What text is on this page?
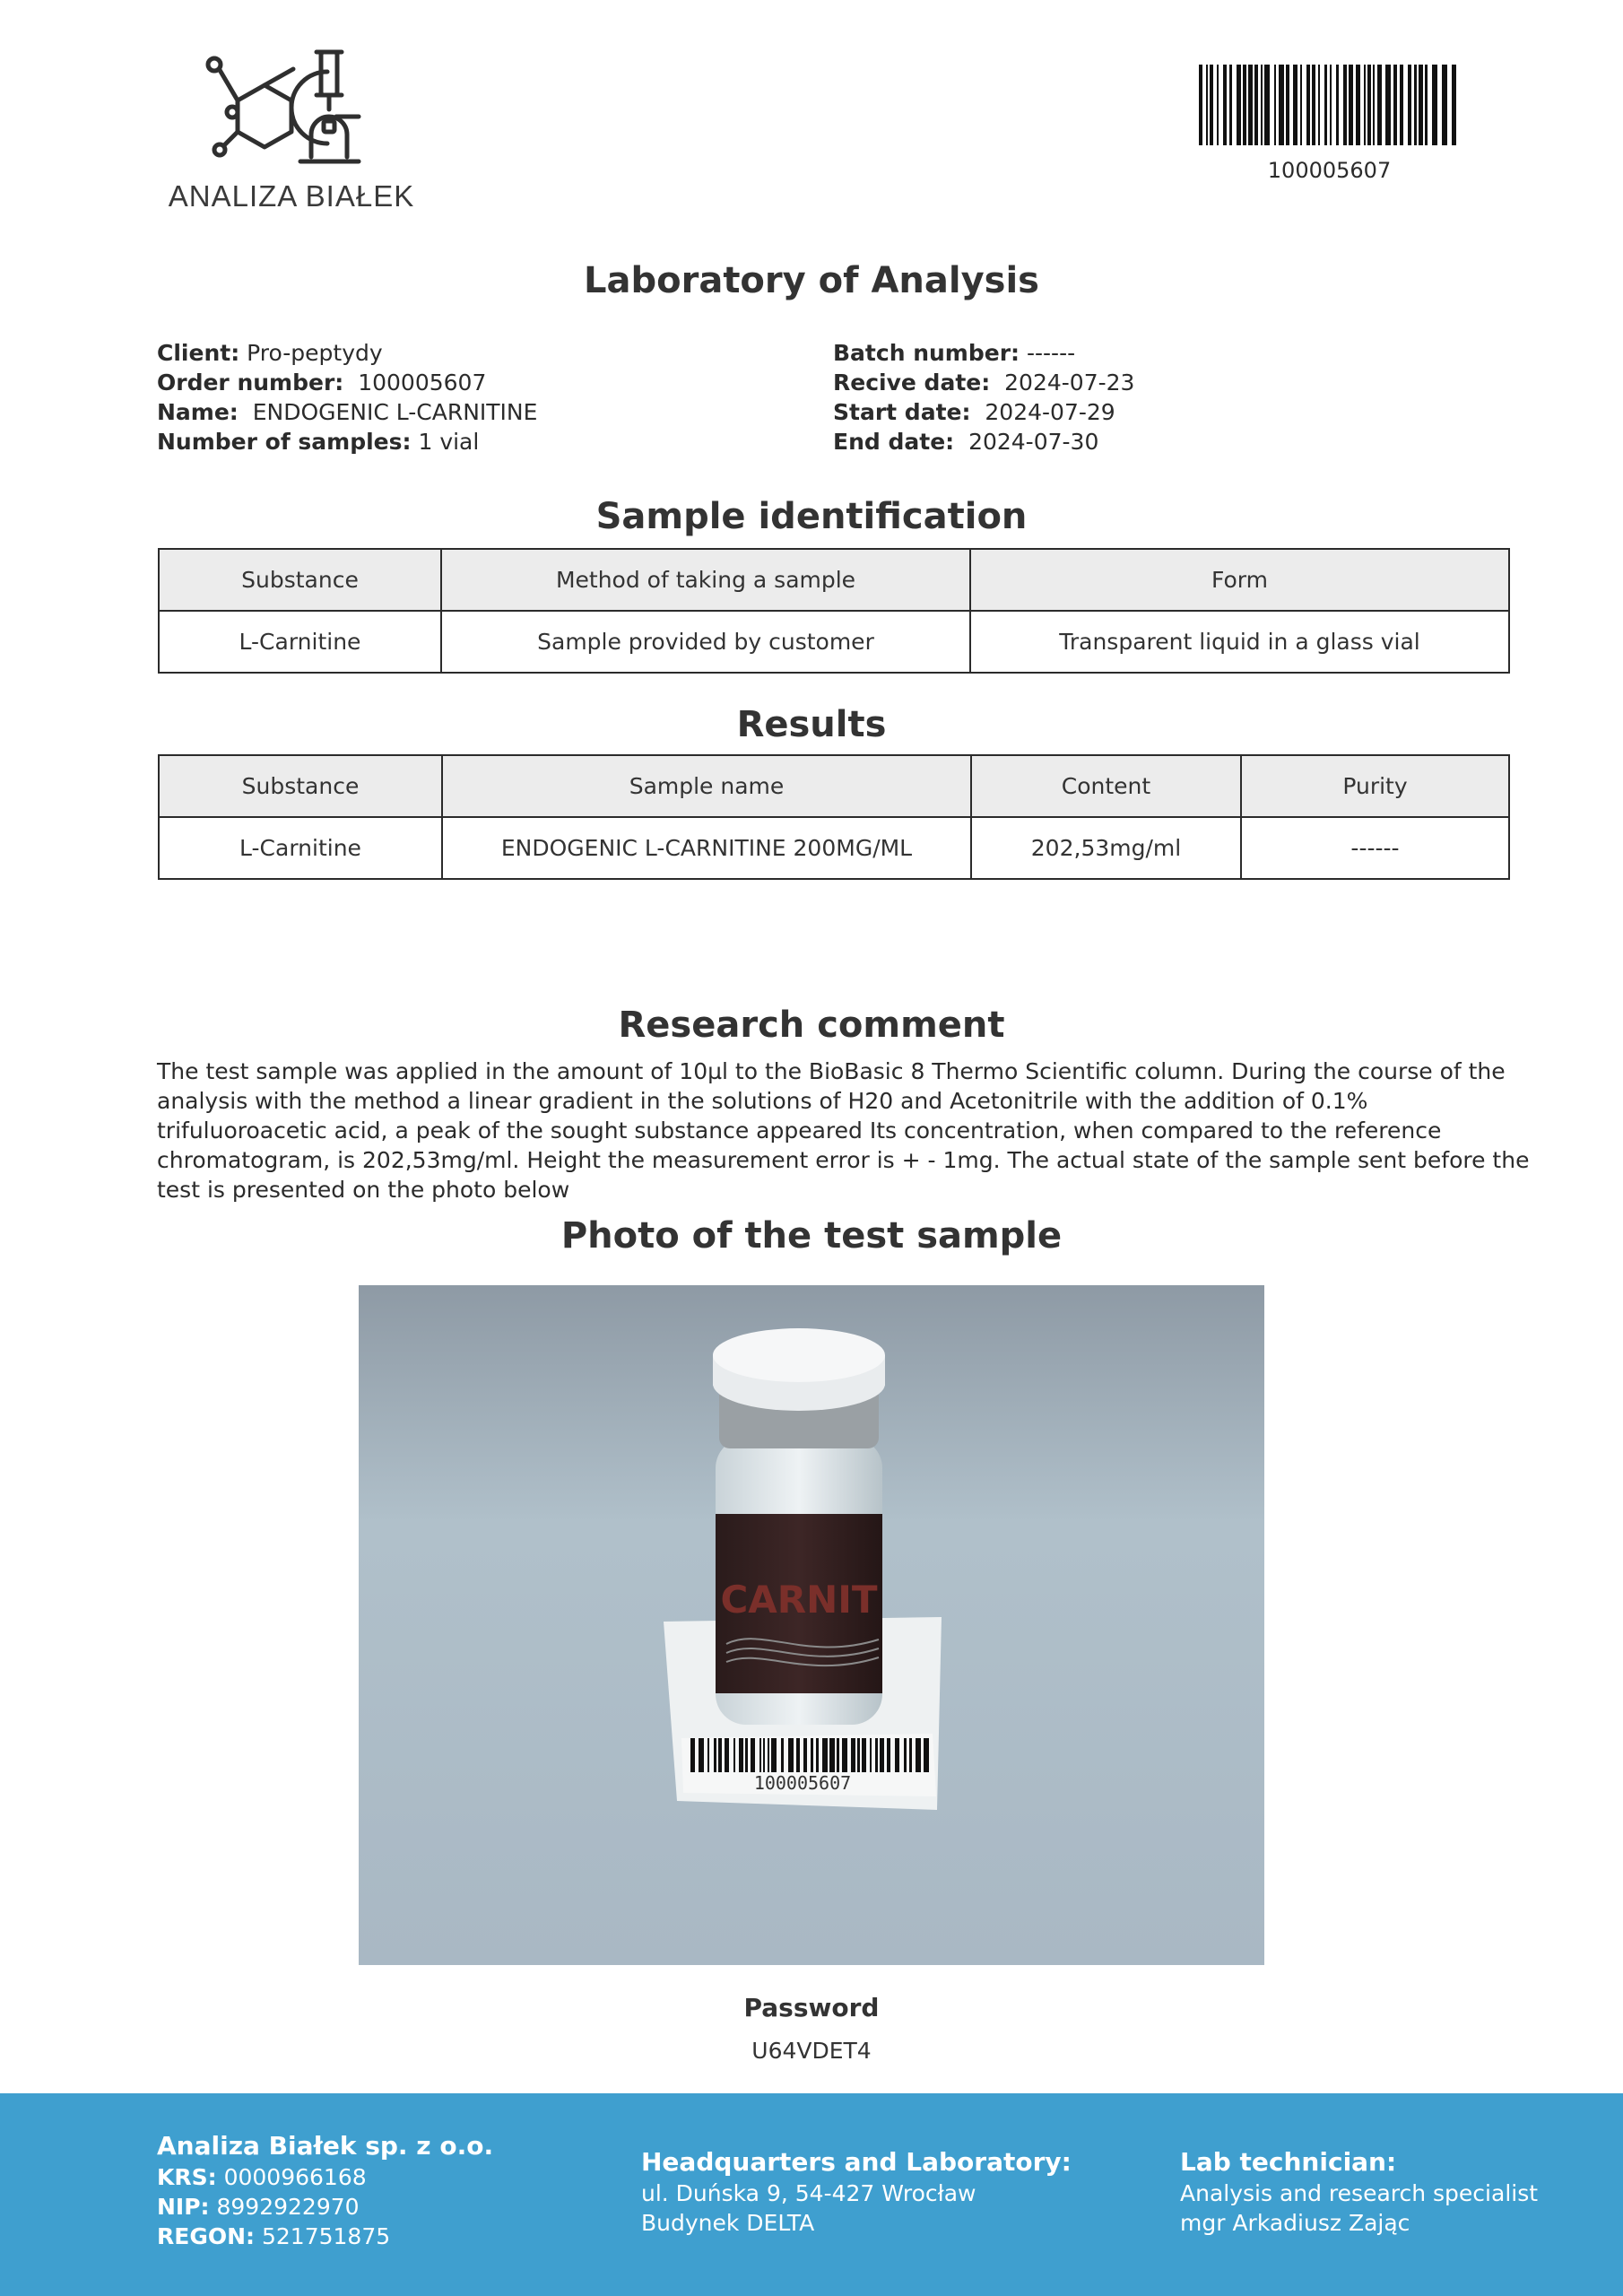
ANALIZA BIAŁEK
100005607
Laboratory of Analysis
Client: Pro-peptydy
Order number: 100005607
Name: ENDOGENIC L-CARNITINE
Number of samples: 1 vial
Batch number: ------
Recive date: 2024-07-23
Start date: 2024-07-29
End date: 2024-07-30
Sample identification
Substance	Method of taking a sample	Form
L-Carnitine	Sample provided by customer	Transparent liquid in a glass vial
Results
Substance	Sample name	Content	Purity
L-Carnitine	ENDOGENIC L-CARNITINE 200MG/ML	202,53mg/ml	------
Research comment
The test sample was applied in the amount of 10µl to the BioBasic 8 Thermo Scientific column. During the course of the analysis with the method a linear gradient in the solutions of H20 and Acetonitrile with the addition of 0.1% trifuluoroacetic acid, a peak of the sought substance appeared Its concentration, when compared to the reference chromatogram, is 202,53mg/ml. Height the measurement error is + - 1mg. The actual state of the sample sent before the test is presented on the photo below
Photo of the test sample
100005607
CARNIT
Password
U64VDET4
Analiza Białek sp. z o.o.
KRS: 0000966168
NIP: 8992922970
REGON: 521751875
Headquarters and Laboratory:
ul. Duńska 9, 54-427 Wrocław
Budynek DELTA
Lab technician:
Analysis and research specialist
mgr Arkadiusz Zając
